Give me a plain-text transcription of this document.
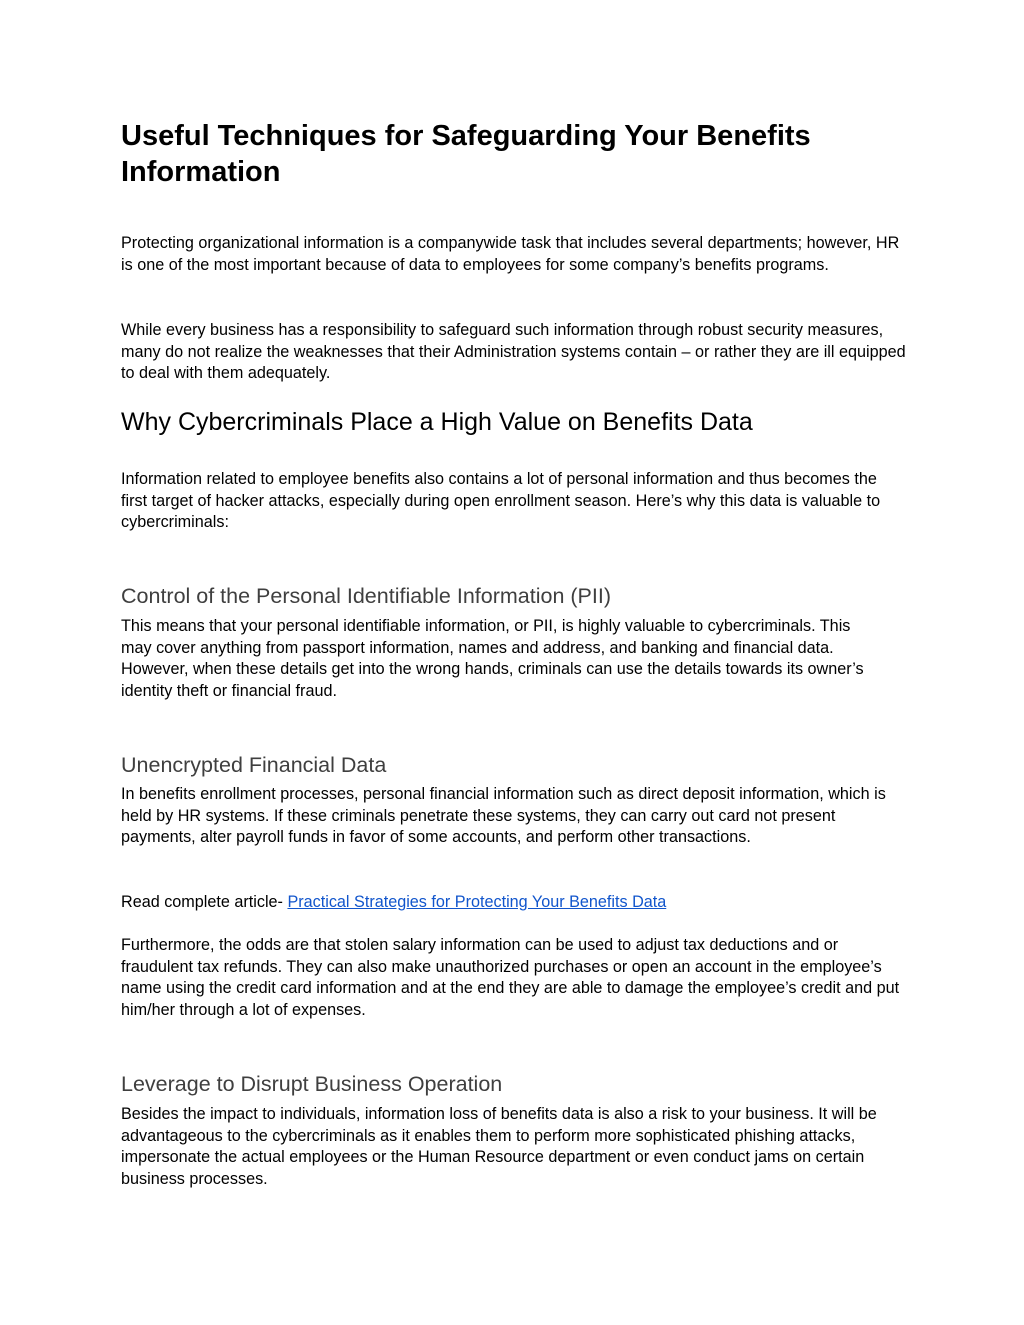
Useful Techniques for Safeguarding Your Benefits Information

Protecting organizational information is a companywide task that includes several departments; however, HR is one of the most important because of data to employees for some company’s benefits programs.

While every business has a responsibility to safeguard such information through robust security measures, many do not realize the weaknesses that their Administration systems contain – or rather they are ill equipped to deal with them adequately.

Why Cybercriminals Place a High Value on Benefits Data

Information related to employee benefits also contains a lot of personal information and thus becomes the first target of hacker attacks, especially during open enrollment season. Here’s why this data is valuable to cybercriminals:

Control of the Personal Identifiable Information (PII)

This means that your personal identifiable information, or PII, is highly valuable to cybercriminals. This may cover anything from passport information, names and address, and banking and financial data. However, when these details get into the wrong hands, criminals can use the details towards its owner’s identity theft or financial fraud.

Unencrypted Financial Data

In benefits enrollment processes, personal financial information such as direct deposit information, which is held by HR systems. If these criminals penetrate these systems, they can carry out card not present payments, alter payroll funds in favor of some accounts, and perform other transactions.

Read complete article- Practical Strategies for Protecting Your Benefits Data

Furthermore, the odds are that stolen salary information can be used to adjust tax deductions and or fraudulent tax refunds. They can also make unauthorized purchases or open an account in the employee’s name using the credit card information and at the end they are able to damage the employee’s credit and put him/her through a lot of expenses.

Leverage to Disrupt Business Operation

Besides the impact to individuals, information loss of benefits data is also a risk to your business. It will be advantageous to the cybercriminals as it enables them to perform more sophisticated phishing attacks, impersonate the actual employees or the Human Resource department or even conduct jams on certain business processes.
